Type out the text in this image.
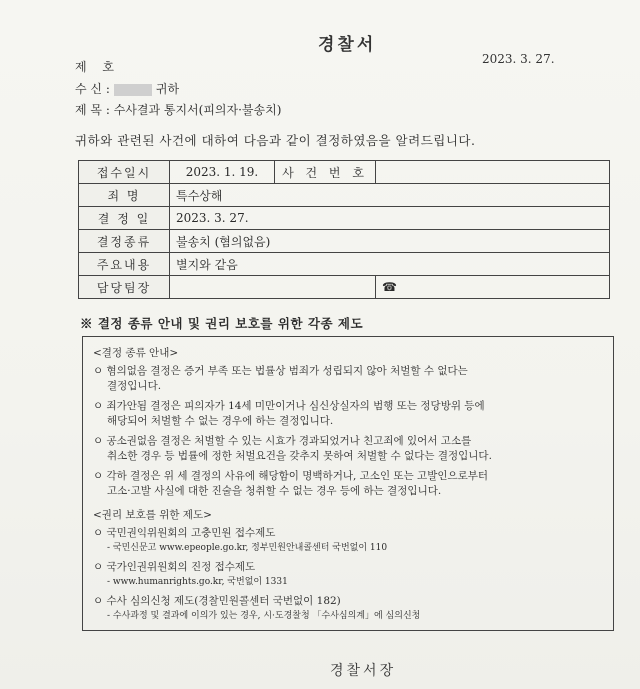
경찰서
2023. 3. 27.
제 호
수 신 :	귀하
제 목 : 수사결과 통지서(피의자·불송치)
귀하와 관련된 사건에 대하여 다음과 같이 결정하였음을 알려드립니다.
접수일시	2023. 1. 19.	사 건 번 호	
죄 명	특수상해		
결 정 일	2023. 3. 27.		
결정종류	불송치 (혐의없음)		
주요내용	별지와 같음		
담당팀장			☎
※ 결정 종류 안내 및 권리 보호를 위한 각종 제도
<결정 종류 안내>
ㅇ 혐의없음 결정은 증거 부족 또는 법률상 범죄가 성립되지 않아 처벌할 수 없다는
결정입니다.
ㅇ 죄가안됨 결정은 피의자가 14세 미만이거나 심신상실자의 범행 또는 정당방위 등에
해당되어 처벌할 수 없는 경우에 하는 결정입니다.
ㅇ 공소권없음 결정은 처벌할 수 있는 시효가 경과되었거나 친고죄에 있어서 고소를
취소한 경우 등 법률에 정한 처벌요건을 갖추지 못하여 처벌할 수 없다는 결정입니다.
ㅇ 각하 결정은 위 세 결정의 사유에 해당함이 명백하거나, 고소인 또는 고발인으로부터
고소·고발 사실에 대한 진술을 청취할 수 없는 경우 등에 하는 결정입니다.
<권리 보호를 위한 제도>
ㅇ 국민권익위원회의 고충민원 접수제도
- 국민신문고 www.epeople.go.kr, 정부민원안내콜센터 국번없이 110
ㅇ 국가인권위원회의 진정 접수제도
- www.humanrights.go.kr, 국번없이 1331
ㅇ 수사 심의신청 제도(경찰민원콜센터 국번없이 182)
- 수사과정 및 결과에 이의가 있는 경우, 시·도경찰청 「수사심의계」에 심의신청
경찰서장
